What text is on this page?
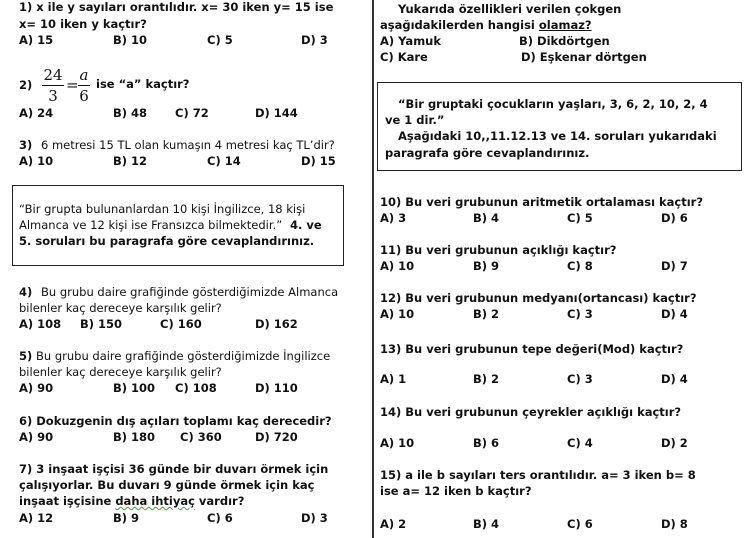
1) x ile y sayıları orantılıdır. x= 30 iken y= 15 ise
x= 10 iken y kaçtır?
A) 15	B) 10	C) 5	D) 3
2)
24
3
=
a
6
ise “a” kaçtır?
A) 24	B) 48 C) 72	D) 144
3) 6 metresi 15 TL olan kumaşın 4 metresi kaç TL’dir?
A) 10	B) 12	C) 14	D) 15
“Bir grupta bulunanlardan 10 kişi İngilizce, 18 kişi
Almanca ve 12 kişi ise Fransızca bilmektedir.” 4. ve
5. soruları bu paragrafa göre cevaplandırınız.
4) Bu grubu daire grafiğinde gösterdiğimizde Almanca
bilenler kaç dereceye karşılık gelir?
A) 108 B) 150	C) 160	D) 162
5) Bu grubu daire grafiğinde gösterdiğimizde İngilizce
bilenler kaç dereceye karşılık gelir?
A) 90	B) 100 C) 108	D) 110
6) Dokuzgenin dış açıları toplamı kaç derecedir?
A) 90	B) 180 C) 360	D) 720
7) 3 inşaat işçisi 36 günde bir duvarı örmek için
çalışıyorlar. Bu duvarı 9 günde örmek için kaç
inşaat işçisine daha ihtiyaç vardır?
A) 12	B) 9	C) 6	D) 3
Yukarıda özellikleri verilen çokgen
aşağıdakilerden hangisi olamaz?
A) Yamuk	B) Dikdörtgen
C) Kare	D) Eşkenar dörtgen
“Bir gruptaki çocukların yaşları, 3, 6, 2, 10, 2, 4
ve 1 dir.”
Aşağıdaki 10,,11.12.13 ve 14. soruları yukarıdaki
paragrafa göre cevaplandırınız.
10) Bu veri grubunun aritmetik ortalaması kaçtır?
A) 3	B) 4	C) 5	D) 6
11) Bu veri grubunun açıklığı kaçtır?
A) 10	B) 9	C) 8	D) 7
12) Bu veri grubunun medyanı(ortancası) kaçtır?
A) 10	B) 2	C) 3	D) 4
13) Bu veri grubunun tepe değeri(Mod) kaçtır?
A) 1	B) 2	C) 3	D) 4
14) Bu veri grubunun çeyrekler açıklığı kaçtır?
A) 10	B) 6	C) 4	D) 2
15) a ile b sayıları ters orantılıdır. a= 3 iken b= 8
ise a= 12 iken b kaçtır?
A) 2	B) 4	C) 6	D) 8
